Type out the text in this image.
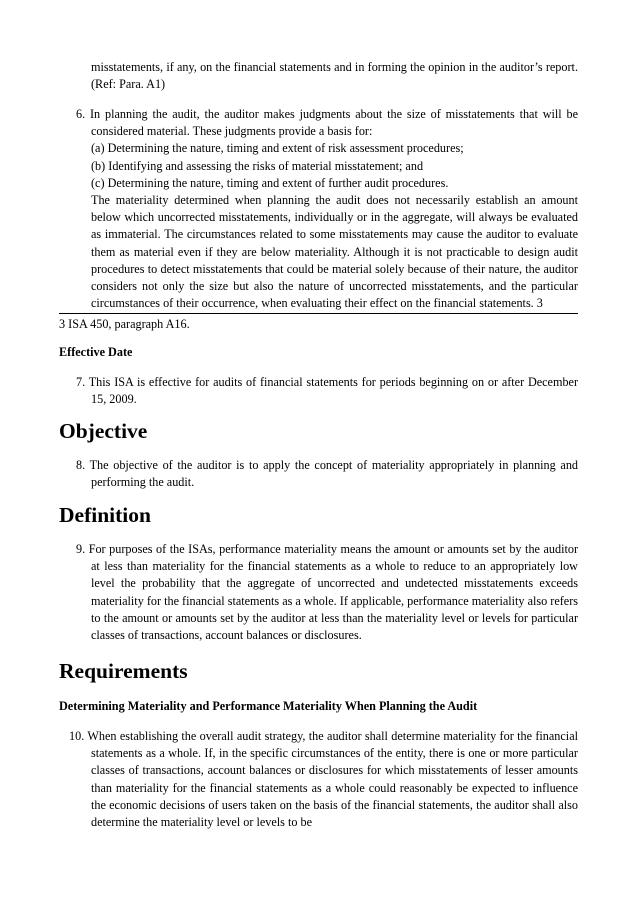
misstatements, if any, on the financial statements and in forming the opinion in the auditor’s report. (Ref: Para. A1)
6. In planning the audit, the auditor makes judgments about the size of misstatements that will be considered material. These judgments provide a basis for:
(a) Determining the nature, timing and extent of risk assessment procedures;
(b) Identifying and assessing the risks of material misstatement; and
(c) Determining the nature, timing and extent of further audit procedures.
The materiality determined when planning the audit does not necessarily establish an amount below which uncorrected misstatements, individually or in the aggregate, will always be evaluated as immaterial. The circumstances related to some misstatements may cause the auditor to evaluate them as material even if they are below materiality. Although it is not practicable to design audit procedures to detect misstatements that could be material solely because of their nature, the auditor considers not only the size but also the nature of uncorrected misstatements, and the particular circumstances of their occurrence, when evaluating their effect on the financial statements. 3
3 ISA 450, paragraph A16.
Effective Date
7. This ISA is effective for audits of financial statements for periods beginning on or after December 15, 2009.
Objective
8. The objective of the auditor is to apply the concept of materiality appropriately in planning and performing the audit.
Definition
9. For purposes of the ISAs, performance materiality means the amount or amounts set by the auditor at less than materiality for the financial statements as a whole to reduce to an appropriately low level the probability that the aggregate of uncorrected and undetected misstatements exceeds materiality for the financial statements as a whole. If applicable, performance materiality also refers to the amount or amounts set by the auditor at less than the materiality level or levels for particular classes of transactions, account balances or disclosures.
Requirements
Determining Materiality and Performance Materiality When Planning the Audit
10. When establishing the overall audit strategy, the auditor shall determine materiality for the financial statements as a whole. If, in the specific circumstances of the entity, there is one or more particular classes of transactions, account balances or disclosures for which misstatements of lesser amounts than materiality for the financial statements as a whole could reasonably be expected to influence the economic decisions of users taken on the basis of the financial statements, the auditor shall also determine the materiality level or levels to be
